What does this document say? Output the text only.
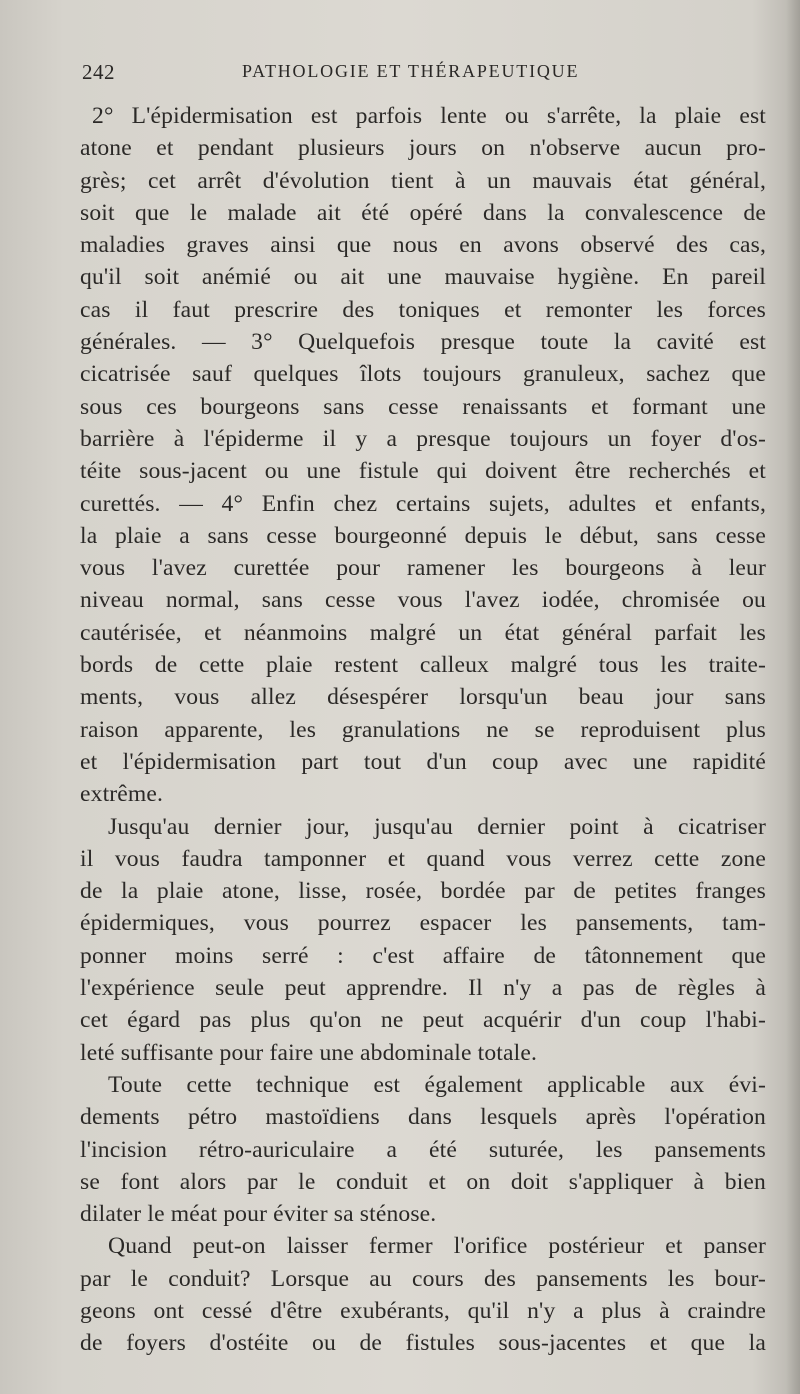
242	PATHOLOGIE ET THÉRAPEUTIQUE
2° L'épidermisation est parfois lente ou s'arrête, la plaie est
atone et pendant plusieurs jours on n'observe aucun pro-
grès; cet arrêt d'évolution tient à un mauvais état général,
soit que le malade ait été opéré dans la convalescence de
maladies graves ainsi que nous en avons observé des cas,
qu'il soit anémié ou ait une mauvaise hygiène. En pareil
cas il faut prescrire des toniques et remonter les forces
générales. — 3° Quelquefois presque toute la cavité est
cicatrisée sauf quelques îlots toujours granuleux, sachez que
sous ces bourgeons sans cesse renaissants et formant une
barrière à l'épiderme il y a presque toujours un foyer d'os-
téite sous-jacent ou une fistule qui doivent être recherchés et
curettés. — 4° Enfin chez certains sujets, adultes et enfants,
la plaie a sans cesse bourgeonné depuis le début, sans cesse
vous l'avez curettée pour ramener les bourgeons à leur
niveau normal, sans cesse vous l'avez iodée, chromisée ou
cautérisée, et néanmoins malgré un état général parfait les
bords de cette plaie restent calleux malgré tous les traite-
ments, vous allez désespérer lorsqu'un beau jour sans
raison apparente, les granulations ne se reproduisent plus
et l'épidermisation part tout d'un coup avec une rapidité
extrême.
Jusqu'au dernier jour, jusqu'au dernier point à cicatriser
il vous faudra tamponner et quand vous verrez cette zone
de la plaie atone, lisse, rosée, bordée par de petites franges
épidermiques, vous pourrez espacer les pansements, tam-
ponner moins serré : c'est affaire de tâtonnement que
l'expérience seule peut apprendre. Il n'y a pas de règles à
cet égard pas plus qu'on ne peut acquérir d'un coup l'habi-
leté suffisante pour faire une abdominale totale.
Toute cette technique est également applicable aux évi-
dements pétro mastoïdiens dans lesquels après l'opération
l'incision rétro-auriculaire a été suturée, les pansements
se font alors par le conduit et on doit s'appliquer à bien
dilater le méat pour éviter sa sténose.
Quand peut-on laisser fermer l'orifice postérieur et panser
par le conduit? Lorsque au cours des pansements les bour-
geons ont cessé d'être exubérants, qu'il n'y a plus à craindre
de foyers d'ostéite ou de fistules sous-jacentes et que la
